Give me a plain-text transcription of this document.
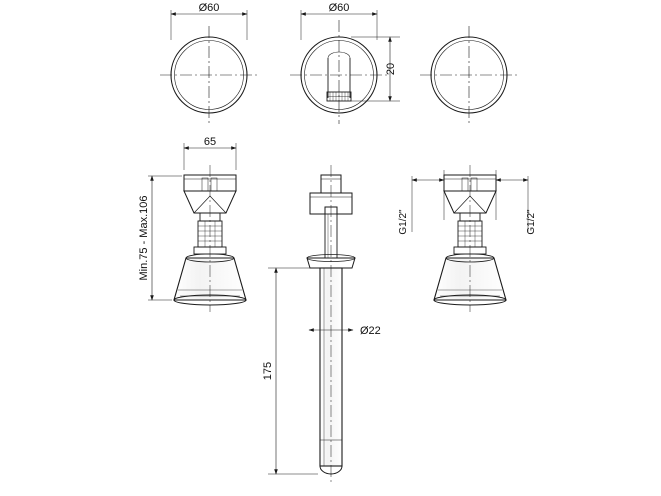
Ø60	Ø60
20
65
Min.75 - Max.106
Ø22
175
G1/2"	G1/2"
